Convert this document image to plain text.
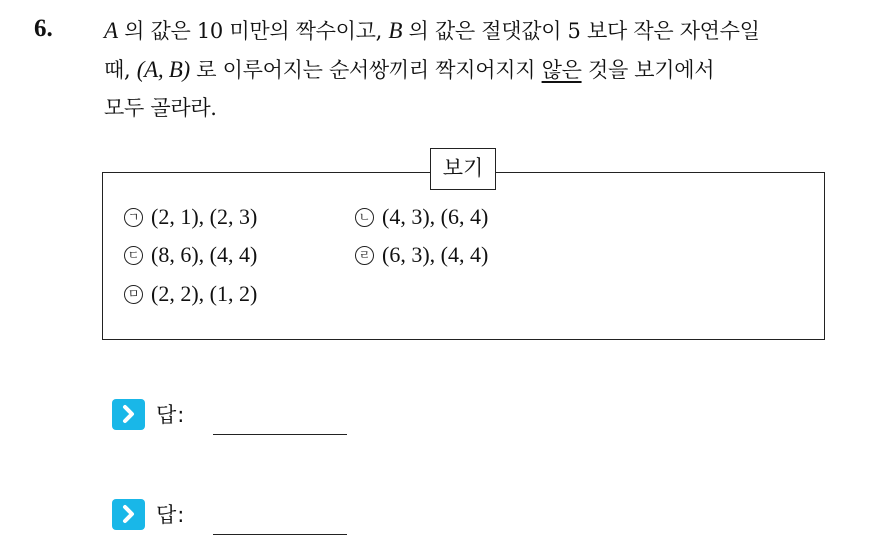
6. A 의 값은 10 미만의 짝수이고, B 의 값은 절댓값이 5 보다 작은 자연수일
때, (A, B) 로 이루어지는 순서쌍끼리 짝지어지지 않은 것을 보기에서
모두 골라라.
보기
ㄱ (2, 1), (2, 3)	ㄴ (4, 3), (6, 4)
ㄷ (8, 6), (4, 4)	ㄹ (6, 3), (4, 4)
ㅁ (2, 2), (1, 2)
답:
답:
